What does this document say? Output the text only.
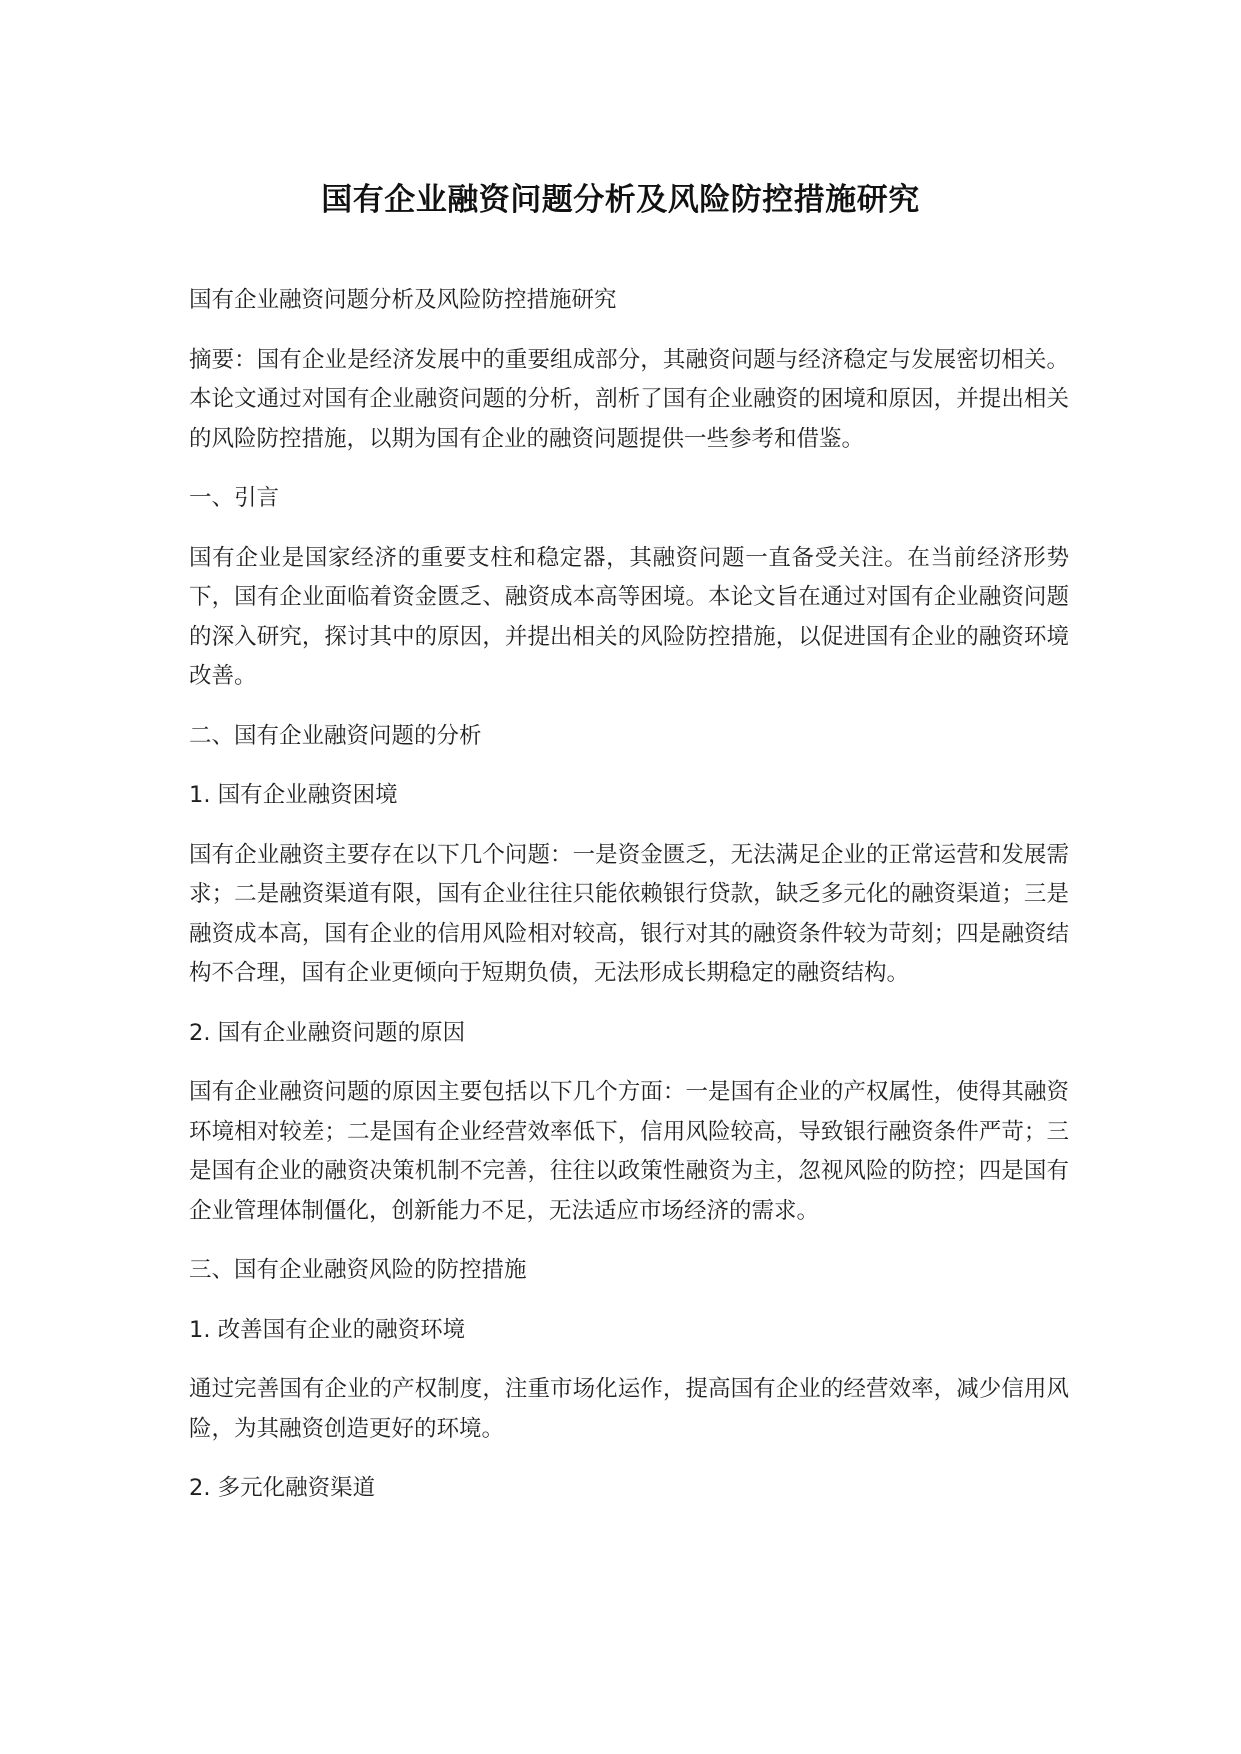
国有企业融资问题分析及风险防控措施研究

国有企业融资问题分析及风险防控措施研究

摘要：国有企业是经济发展中的重要组成部分，其融资问题与经济稳定与发展密切相关。本论文通过对国有企业融资问题的分析，剖析了国有企业融资的困境和原因，并提出相关的风险防控措施，以期为国有企业的融资问题提供一些参考和借鉴。

一、引言

国有企业是国家经济的重要支柱和稳定器，其融资问题一直备受关注。在当前经济形势下，国有企业面临着资金匮乏、融资成本高等困境。本论文旨在通过对国有企业融资问题的深入研究，探讨其中的原因，并提出相关的风险防控措施，以促进国有企业的融资环境改善。

二、国有企业融资问题的分析

1. 国有企业融资困境

国有企业融资主要存在以下几个问题：一是资金匮乏，无法满足企业的正常运营和发展需求；二是融资渠道有限，国有企业往往只能依赖银行贷款，缺乏多元化的融资渠道；三是融资成本高，国有企业的信用风险相对较高，银行对其的融资条件较为苛刻；四是融资结构不合理，国有企业更倾向于短期负债，无法形成长期稳定的融资结构。

2. 国有企业融资问题的原因

国有企业融资问题的原因主要包括以下几个方面：一是国有企业的产权属性，使得其融资环境相对较差；二是国有企业经营效率低下，信用风险较高，导致银行融资条件严苛；三是国有企业的融资决策机制不完善，往往以政策性融资为主，忽视风险的防控；四是国有企业管理体制僵化，创新能力不足，无法适应市场经济的需求。

三、国有企业融资风险的防控措施

1. 改善国有企业的融资环境

通过完善国有企业的产权制度，注重市场化运作，提高国有企业的经营效率，减少信用风险，为其融资创造更好的环境。

2. 多元化融资渠道
